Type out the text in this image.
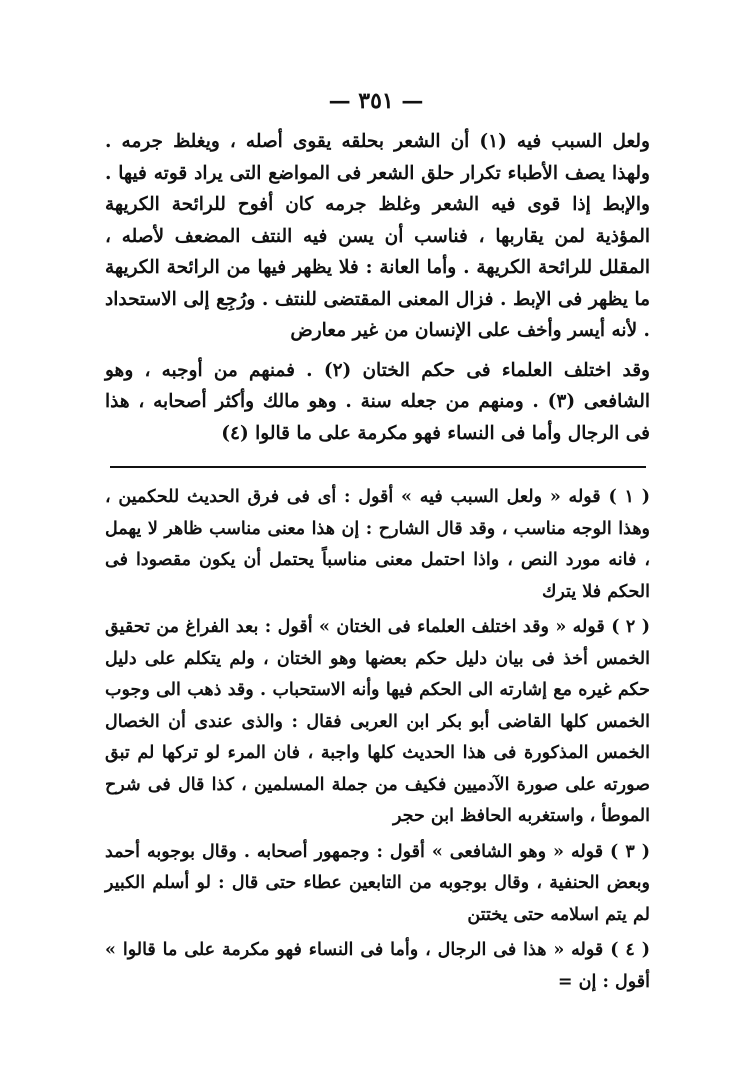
— ٣٥١ —

ولعل السبب فيه (١) أن الشعر بحلقه يقوى أصله ، ويغلظ جرمه . ولهذا يصف الأطباء تكرار حلق الشعر فى المواضع التى يراد قوته فيها . والإبط إذا قوى فيه الشعر وغلظ جرمه كان أفوح للرائحة الكريهة المؤذية لمن يقاربها ، فناسب أن يسن فيه النتف المضعف لأصله ، المقلل للرائحة الكريهة . وأما العانة : فلا يظهر فيها من الرائحة الكريهة ما يظهر فى الإبط . فزال المعنى المقتضى للنتف . ورُجِع إلى الاستحداد . لأنه أيسر وأخف على الإنسان من غير معارض

وقد اختلف العلماء فى حكم الختان (٢) . فمنهم من أوجبه ، وهو الشافعى (٣) . ومنهم من جعله سنة . وهو مالك وأكثر أصحابه ، هذا فى الرجال وأما فى النساء فهو مكرمة على ما قالوا (٤)

( ١ ) قوله « ولعل السبب فيه » أقول : أى فى فرق الحديث للحكمين ، وهذا الوجه مناسب ، وقد قال الشارح : إن هذا معنى مناسب ظاهر لا يهمل ، فانه مورد النص ، واذا احتمل معنى مناسباً يحتمل أن يكون مقصودا فى الحكم فلا يترك

( ٢ ) قوله « وقد اختلف العلماء فى الختان » أقول : بعد الفراغ من تحقيق الخمس أخذ فى بيان دليل حكم بعضها وهو الختان ، ولم يتكلم على دليل حكم غيره مع إشارته الى الحكم فيها وأنه الاستحباب . وقد ذهب الى وجوب الخمس كلها القاضى أبو بكر ابن العربى فقال : والذى عندى أن الخصال الخمس المذكورة فى هذا الحديث كلها واجبة ، فان المرء لو تركها لم تبق صورته على صورة الآدميين فكيف من جملة المسلمين ، كذا قال فى شرح الموطأ ، واستغربه الحافظ ابن حجر

( ٣ ) قوله « وهو الشافعى » أقول : وجمهور أصحابه . وقال بوجوبه أحمد وبعض الحنفية ، وقال بوجوبه من التابعين عطاء حتى قال : لو أسلم الكبير لم يتم اسلامه حتى يختتن

( ٤ ) قوله « هذا فى الرجال ، وأما فى النساء فهو مكرمة على ما قالوا » أقول : إن =
